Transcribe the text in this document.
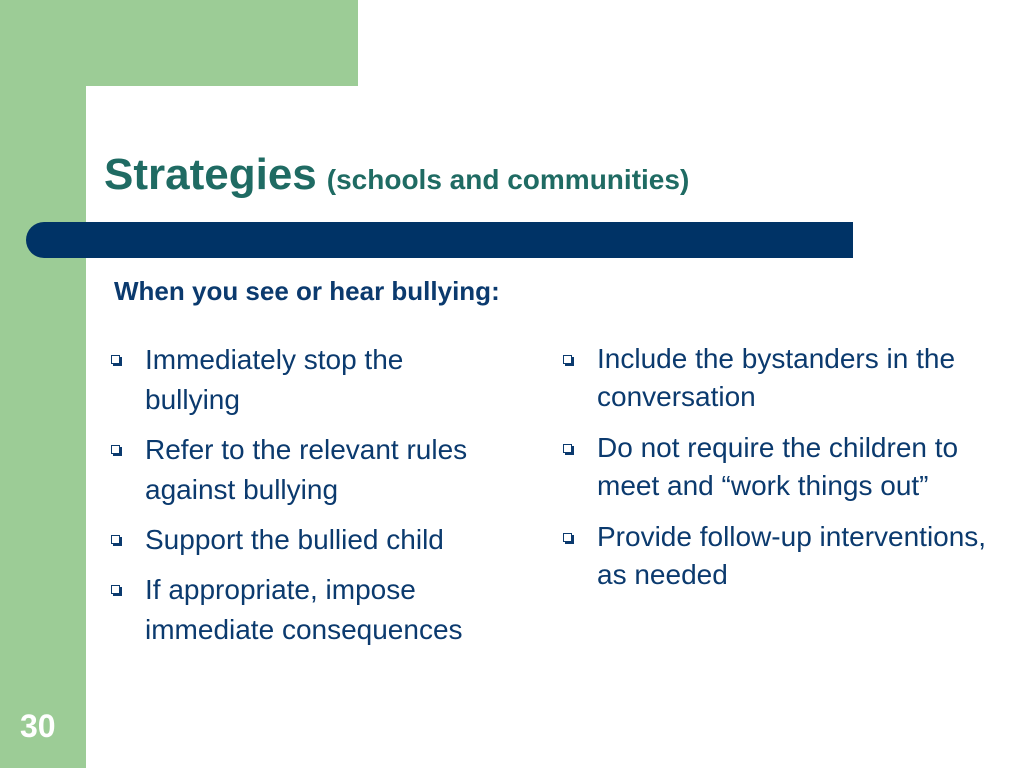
Strategies (schools and communities)
When you see or hear bullying:
Immediately stop the bullying
Refer to the relevant rules against bullying
Support the bullied child
If appropriate, impose immediate consequences
Include the bystanders in the conversation
Do not require the children to meet and “work things out”
Provide follow-up interventions, as needed
30
